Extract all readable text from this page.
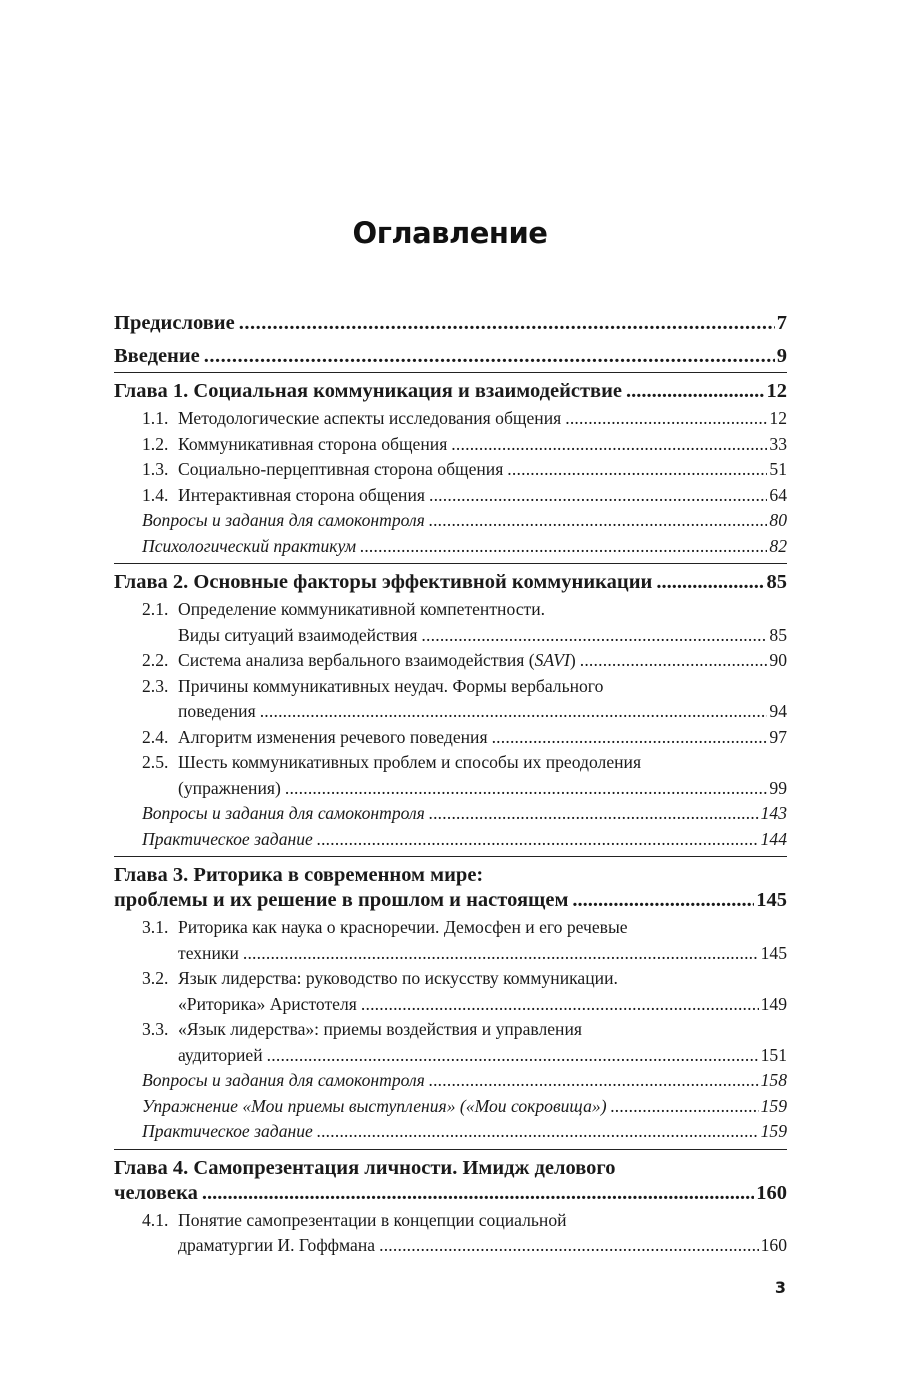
Оглавление
Предисловие .....	7
Введение .....	9
Глава 1. Социальная коммуникация и взаимодействие .....	12
1.1. Методологические аспекты исследования общения .....	12
1.2. Коммуникативная сторона общения .....	33
1.3. Социально-перцептивная сторона общения .....	51
1.4. Интерактивная сторона общения .....	64
Вопросы и задания для самоконтроля .....	80
Психологический практикум .....	82
Глава 2. Основные факторы эффективной коммуникации .....	85
2.1. Определение коммуникативной компетентности.
Виды ситуаций взаимодействия .....	85
2.2. Система анализа вербального взаимодействия (SAVI) .....	90
2.3. Причины коммуникативных неудач. Формы вербального
поведения .....	94
2.4. Алгоритм изменения речевого поведения .....	97
2.5. Шесть коммуникативных проблем и способы их преодоления
(упражнения) .....	99
Вопросы и задания для самоконтроля .....	143
Практическое задание .....	144
Глава 3. Риторика в современном мире:
проблемы и их решение в прошлом и настоящем .....	145
3.1. Риторика как наука о красноречии. Демосфен и его речевые
техники .....	145
3.2. Язык лидерства: руководство по искусству коммуникации.
«Риторика» Аристотеля .....	149
3.3. «Язык лидерства»: приемы воздействия и управления
аудиторией .....	151
Вопросы и задания для самоконтроля .....	158
Упражнение «Мои приемы выступления» («Мои сокровища») .....	159
Практическое задание .....	159
Глава 4. Самопрезентация личности. Имидж делового
человека .....	160
4.1. Понятие самопрезентации в концепции социальной
драматургии И. Гоффмана .....	160
3
